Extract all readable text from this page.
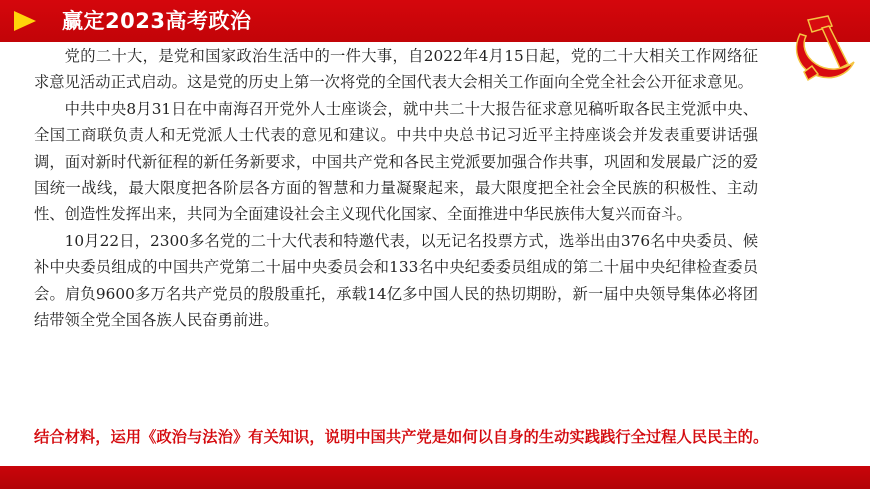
赢定2023高考政治

党的二十大，是党和国家政治生活中的一件大事，自2022年4月15日起，党的二十大相关工作网络征求意见活动正式启动。这是党的历史上第一次将党的全国代表大会相关工作面向全党全社会公开征求意见。

中共中央8月31日在中南海召开党外人士座谈会，就中共二十大报告征求意见稿听取各民主党派中央、全国工商联负责人和无党派人士代表的意见和建议。中共中央总书记习近平主持座谈会并发表重要讲话强调，面对新时代新征程的新任务新要求，中国共产党和各民主党派要加强合作共事，巩固和发展最广泛的爱国统一战线，最大限度把各阶层各方面的智慧和力量凝聚起来，最大限度把全社会全民族的积极性、主动性、创造性发挥出来，共同为全面建设社会主义现代化国家、全面推进中华民族伟大复兴而奋斗。

10月22日，2300多名党的二十大代表和特邀代表，以无记名投票方式，选举出由376名中央委员、候补中央委员组成的中国共产党第二十届中央委员会和133名中央纪委委员组成的第二十届中央纪律检查委员会。肩负9600多万名共产党员的殷殷重托，承载14亿多中国人民的热切期盼，新一届中央领导集体必将团结带领全党全国各族人民奋勇前进。

结合材料，运用《政治与法治》有关知识，说明中国共产党是如何以自身的生动实践践行全过程人民民主的。
